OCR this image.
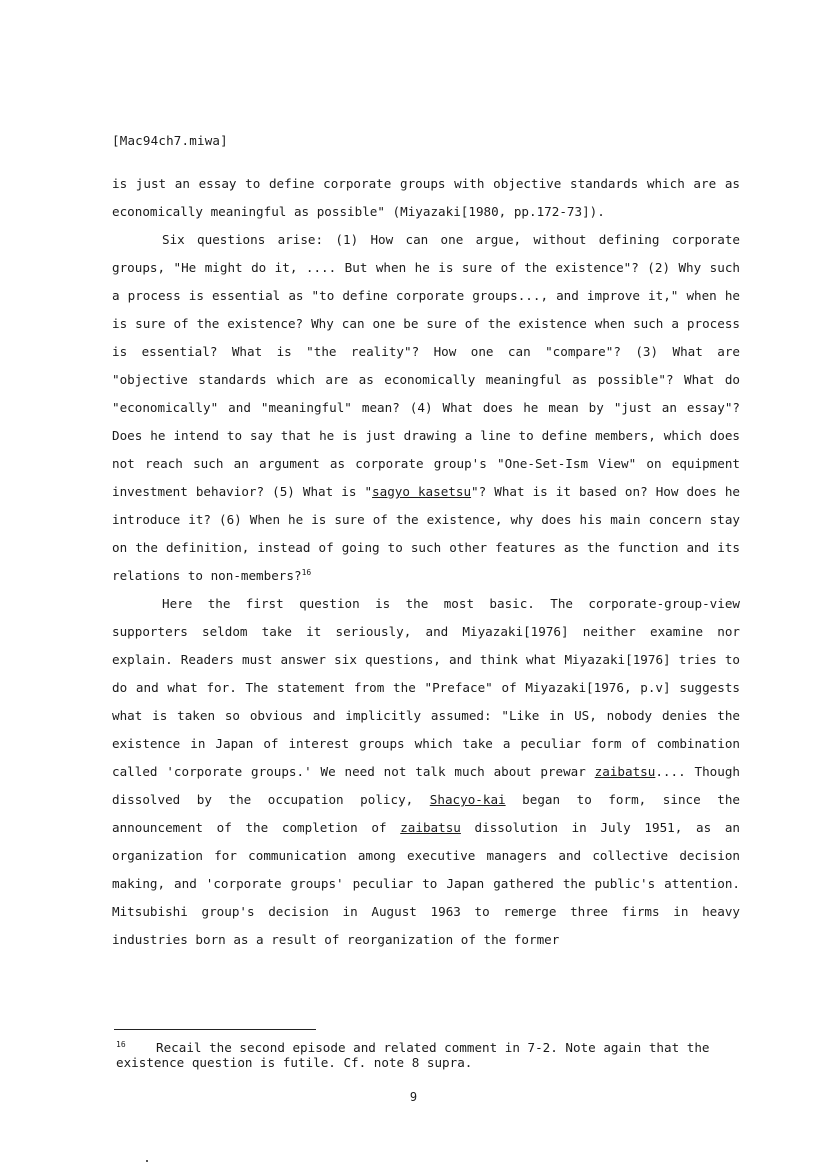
[Mac94ch7.miwa]

is just an essay to define corporate groups with objective standards which are as economically meaningful as possible" (Miyazaki[1980, pp.172-73]).

Six questions arise: (1) How can one argue, without defining corporate groups, "He might do it, .... But when he is sure of the existence"? (2) Why such a process is essential as "to define corporate groups..., and improve it," when he is sure of the existence? Why can one be sure of the existence when such a process is essential? What is "the reality"? How one can "compare"? (3) What are "objective standards which are as economically meaningful as possible"? What do "economically" and "meaningful" mean? (4) What does he mean by "just an essay"? Does he intend to say that he is just drawing a line to define members, which does not reach such an argument as corporate group's "One-Set-Ism View" on equipment investment behavior? (5) What is "sagyo kasetsu"? What is it based on? How does he introduce it? (6) When he is sure of the existence, why does his main concern stay on the definition, instead of going to such other features as the function and its relations to non-members?$^{16}$

Here the first question is the most basic. The corporate-group-view supporters seldom take it seriously, and Miyazaki[1976] neither examine nor explain. Readers must answer six questions, and think what Miyazaki[1976] tries to do and what for. The statement from the "Preface" of Miyazaki[1976, p.v] suggests what is taken so obvious and implicitly assumed: "Like in US, nobody denies the existence in Japan of interest groups which take a peculiar form of combination called 'corporate groups.' We need not talk much about prewar zaibatsu.... Though dissolved by the occupation policy, Shacyo-kai began to form, since the announcement of the completion of zaibatsu dissolution in July 1951, as an organization for communication among executive managers and collective decision making, and 'corporate groups' peculiar to Japan gathered the public's attention. Mitsubishi group's decision in August 1963 to remerge three firms in heavy industries born as a result of reorganization of the former

$^{16}$ Recail the second episode and related comment in 7-2. Note again that the existence question is futile. Cf. note 8 supra.
9
